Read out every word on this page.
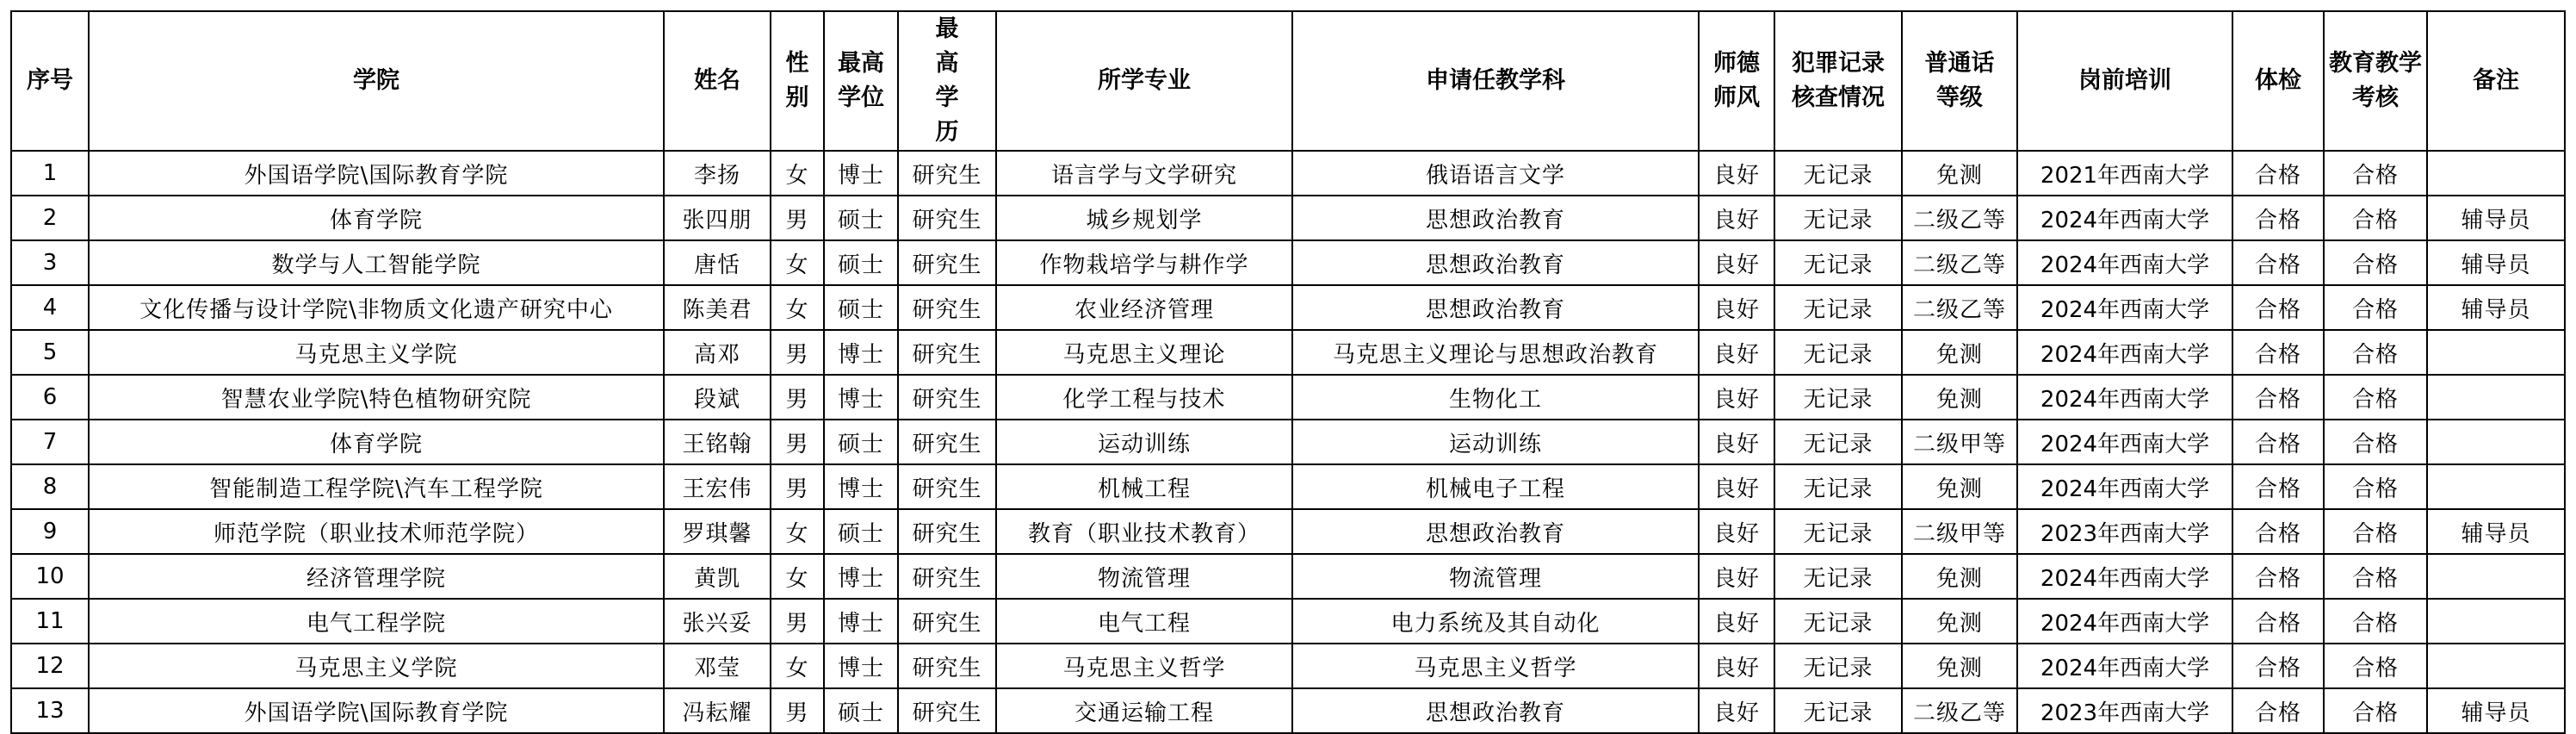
序号	学院	姓名	性别	最高学位	最高学历	所学专业	申请任教学科	师德师风	犯罪记录核查情况	普通话等级	岗前培训	体检	教育教学考核	备注
1	外国语学院\国际教育学院	李扬	女	博士	研究生	语言学与文学研究	俄语语言文学	良好	无记录	免测	2021年西南大学	合格	合格	
2	体育学院	张四朋	男	硕士	研究生	城乡规划学	思想政治教育	良好	无记录	二级乙等	2024年西南大学	合格	合格	辅导员
3	数学与人工智能学院	唐恬	女	硕士	研究生	作物栽培学与耕作学	思想政治教育	良好	无记录	二级乙等	2024年西南大学	合格	合格	辅导员
4	文化传播与设计学院\非物质文化遗产研究中心	陈美君	女	硕士	研究生	农业经济管理	思想政治教育	良好	无记录	二级乙等	2024年西南大学	合格	合格	辅导员
5	马克思主义学院	高邓	男	博士	研究生	马克思主义理论	马克思主义理论与思想政治教育	良好	无记录	免测	2024年西南大学	合格	合格	
6	智慧农业学院\特色植物研究院	段斌	男	博士	研究生	化学工程与技术	生物化工	良好	无记录	免测	2024年西南大学	合格	合格	
7	体育学院	王铭翰	男	硕士	研究生	运动训练	运动训练	良好	无记录	二级甲等	2024年西南大学	合格	合格	
8	智能制造工程学院\汽车工程学院	王宏伟	男	博士	研究生	机械工程	机械电子工程	良好	无记录	免测	2024年西南大学	合格	合格	
9	师范学院（职业技术师范学院）	罗琪馨	女	硕士	研究生	教育（职业技术教育）	思想政治教育	良好	无记录	二级甲等	2023年西南大学	合格	合格	辅导员
10	经济管理学院	黄凯	女	博士	研究生	物流管理	物流管理	良好	无记录	免测	2024年西南大学	合格	合格	
11	电气工程学院	张兴妥	男	博士	研究生	电气工程	电力系统及其自动化	良好	无记录	免测	2024年西南大学	合格	合格	
12	马克思主义学院	邓莹	女	博士	研究生	马克思主义哲学	马克思主义哲学	良好	无记录	免测	2024年西南大学	合格	合格	
13	外国语学院\国际教育学院	冯耘耀	男	硕士	研究生	交通运输工程	思想政治教育	良好	无记录	二级乙等	2023年西南大学	合格	合格	辅导员
